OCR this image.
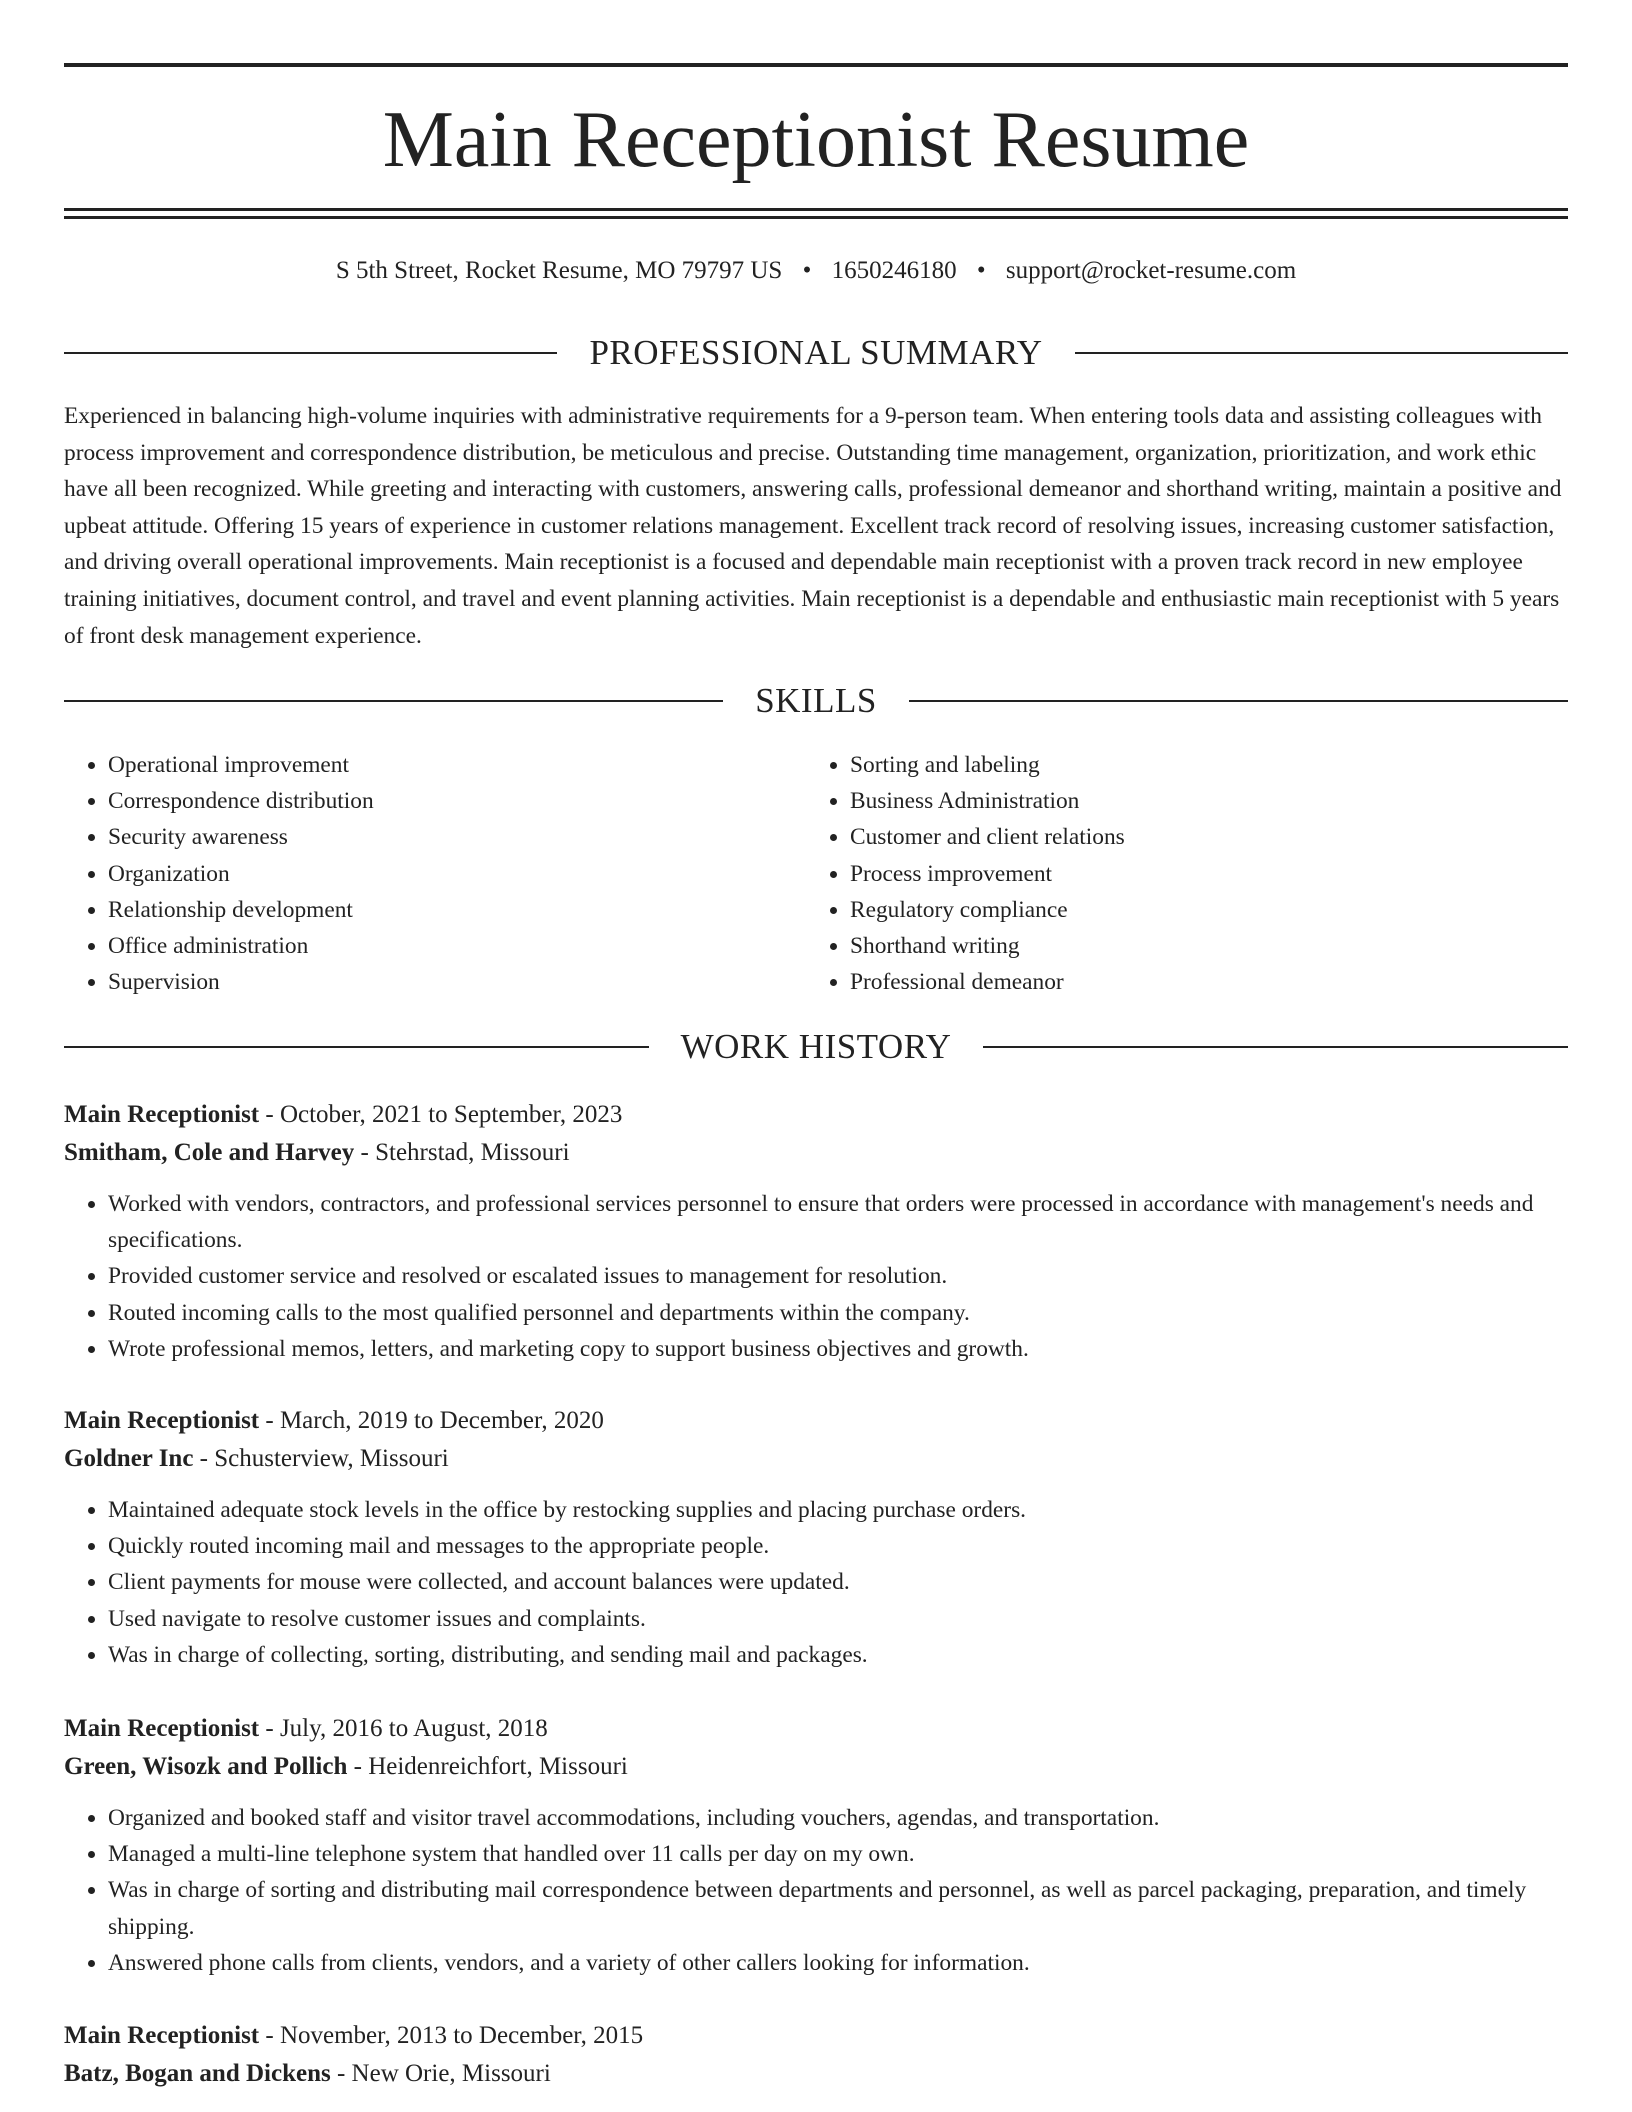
Main Receptionist Resume
S 5th Street, Rocket Resume, MO 79797 US • 1650246180 • support@rocket-resume.com
PROFESSIONAL SUMMARY

Experienced in balancing high-volume inquiries with administrative requirements for a 9-person team. When entering tools data and assisting colleagues with process improvement and correspondence distribution, be meticulous and precise. Outstanding time management, organization, prioritization, and work ethic have all been recognized. While greeting and interacting with customers, answering calls, professional demeanor and shorthand writing, maintain a positive and upbeat attitude. Offering 15 years of experience in customer relations management. Excellent track record of resolving issues, increasing customer satisfaction, and driving overall operational improvements. Main receptionist is a focused and dependable main receptionist with a proven track record in new employee training initiatives, document control, and travel and event planning activities. Main receptionist is a dependable and enthusiastic main receptionist with 5 years of front desk management experience.

SKILLS
• Operational improvement
• Correspondence distribution
• Security awareness
• Organization
• Relationship development
• Office administration
• Supervision
• Sorting and labeling
• Business Administration
• Customer and client relations
• Process improvement
• Regulatory compliance
• Shorthand writing
• Professional demeanor
WORK HISTORY
Main Receptionist - October, 2021 to September, 2023
Smitham, Cole and Harvey - Stehrstad, Missouri
• Worked with vendors, contractors, and professional services personnel to ensure that orders were processed in accordance with management's needs and specifications.
• Provided customer service and resolved or escalated issues to management for resolution.
• Routed incoming calls to the most qualified personnel and departments within the company.
• Wrote professional memos, letters, and marketing copy to support business objectives and growth.
Main Receptionist - March, 2019 to December, 2020
Goldner Inc - Schusterview, Missouri
• Maintained adequate stock levels in the office by restocking supplies and placing purchase orders.
• Quickly routed incoming mail and messages to the appropriate people.
• Client payments for mouse were collected, and account balances were updated.
• Used navigate to resolve customer issues and complaints.
• Was in charge of collecting, sorting, distributing, and sending mail and packages.
Main Receptionist - July, 2016 to August, 2018
Green, Wisozk and Pollich - Heidenreichfort, Missouri
• Organized and booked staff and visitor travel accommodations, including vouchers, agendas, and transportation.
• Managed a multi-line telephone system that handled over 11 calls per day on my own.
• Was in charge of sorting and distributing mail correspondence between departments and personnel, as well as parcel packaging, preparation, and timely shipping.
• Answered phone calls from clients, vendors, and a variety of other callers looking for information.
Main Receptionist - November, 2013 to December, 2015
Batz, Bogan and Dickens - New Orie, Missouri
